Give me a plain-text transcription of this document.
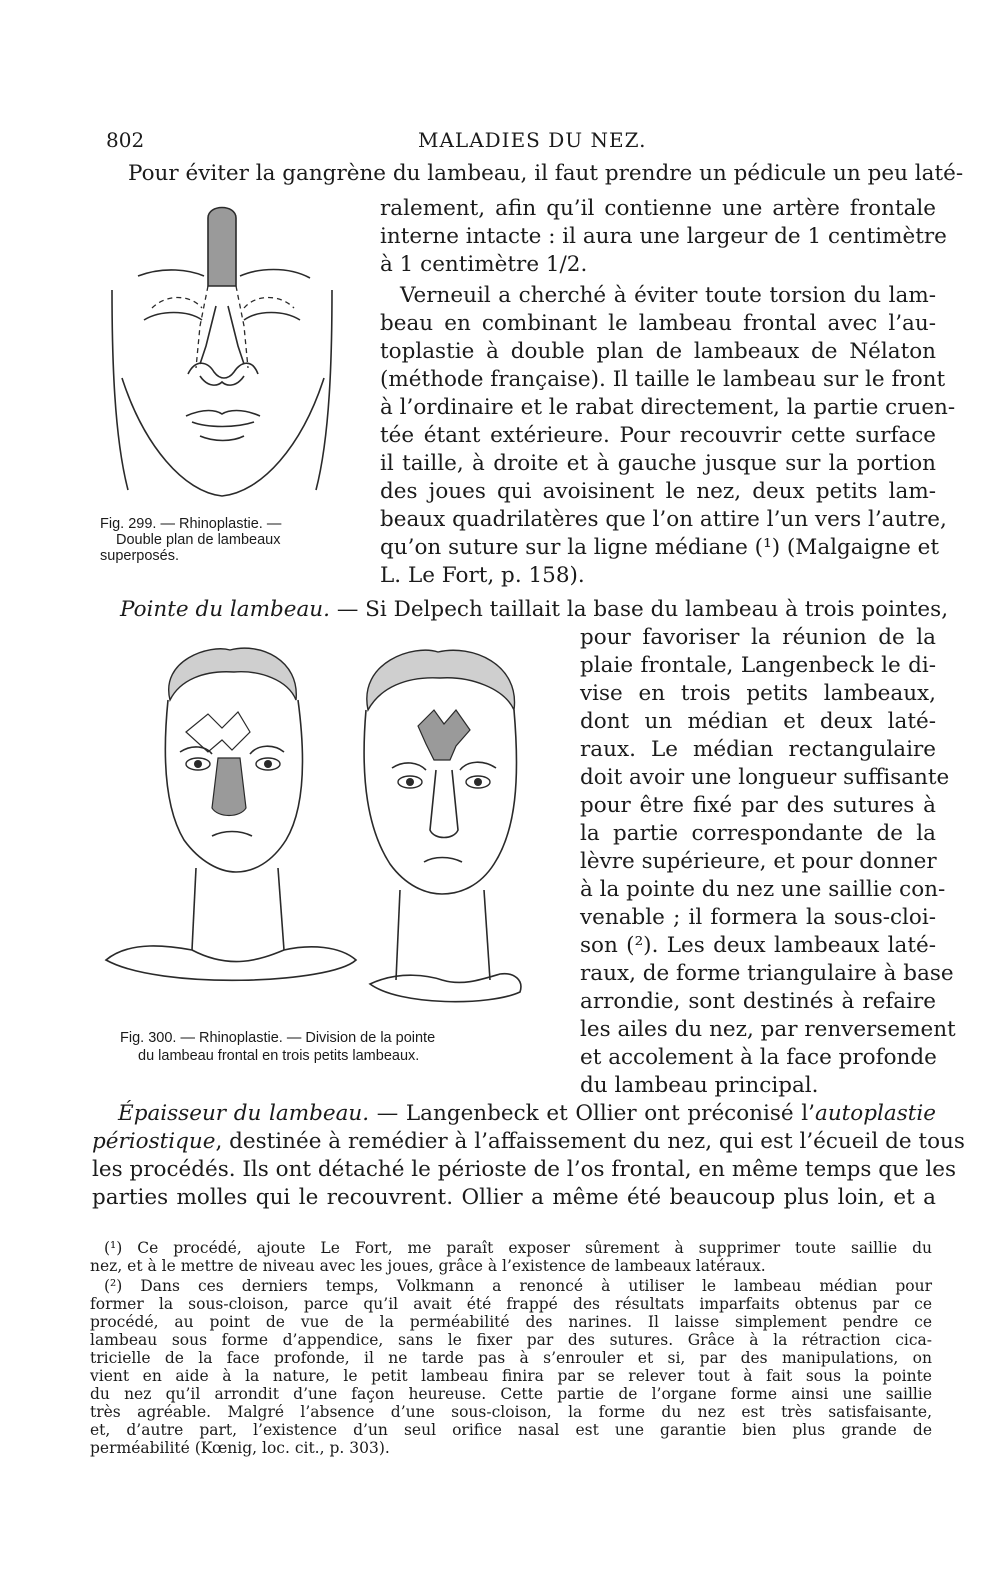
802	MALADIES DU NEZ.
Pour éviter la gangrène du lambeau, il faut prendre un pédicule un peu laté-
ralement, afin qu’il contienne une artère frontale
interne intacte : il aura une largeur de 1 centimètre
à 1 centimètre 1/2.
Verneuil a cherché à éviter toute torsion du lam-
beau en combinant le lambeau frontal avec l’au-
toplastie à double plan de lambeaux de Nélaton
(méthode française). Il taille le lambeau sur le front
à l’ordinaire et le rabat directement, la partie cruen-
tée étant extérieure. Pour recouvrir cette surface
il taille, à droite et à gauche jusque sur la portion
des joues qui avoisinent le nez, deux petits lam-
beaux quadrilatères que l’on attire l’un vers l’autre,
qu’on suture sur la ligne médiane (¹) (Malgaigne et
L. Le Fort, p. 158).
Fig. 299. — Rhinoplastie. —
Double plan de lambeaux
superposés.
Pointe du lambeau. — Si Delpech taillait la base du lambeau à trois pointes,
pour favoriser la réunion de la
plaie frontale, Langenbeck le di-
vise en trois petits lambeaux,
dont un médian et deux laté-
raux. Le médian rectangulaire
doit avoir une longueur suffisante
pour être fixé par des sutures à
la partie correspondante de la
lèvre supérieure, et pour donner
à la pointe du nez une saillie con-
venable ; il formera la sous-cloi-
son (²). Les deux lambeaux laté-
raux, de forme triangulaire à base
arrondie, sont destinés à refaire
les ailes du nez, par renversement
et accolement à la face profonde
du lambeau principal.
Fig. 300. — Rhinoplastie. — Division de la pointe
du lambeau frontal en trois petits lambeaux.
Épaisseur du lambeau. — Langenbeck et Ollier ont préconisé l’autoplastie
périostique, destinée à remédier à l’affaissement du nez, qui est l’écueil de tous
les procédés. Ils ont détaché le périoste de l’os frontal, en même temps que les
parties molles qui le recouvrent. Ollier a même été beaucoup plus loin, et a
(¹) Ce procédé, ajoute Le Fort, me paraît exposer sûrement à supprimer toute saillie du
nez, et à le mettre de niveau avec les joues, grâce à l’existence de lambeaux latéraux.
(²) Dans ces derniers temps, Volkmann a renoncé à utiliser le lambeau médian pour
former la sous-cloison, parce qu’il avait été frappé des résultats imparfaits obtenus par ce
procédé, au point de vue de la perméabilité des narines. Il laisse simplement pendre ce
lambeau sous forme d’appendice, sans le fixer par des sutures. Grâce à la rétraction cica-
tricielle de la face profonde, il ne tarde pas à s’enrouler et si, par des manipulations, on
vient en aide à la nature, le petit lambeau finira par se relever tout à fait sous la pointe
du nez qu’il arrondit d’une façon heureuse. Cette partie de l’organe forme ainsi une saillie
très agréable. Malgré l’absence d’une sous-cloison, la forme du nez est très satisfaisante,
et, d’autre part, l’existence d’un seul orifice nasal est une garantie bien plus grande de
perméabilité (Kœnig, loc. cit., p. 303).
